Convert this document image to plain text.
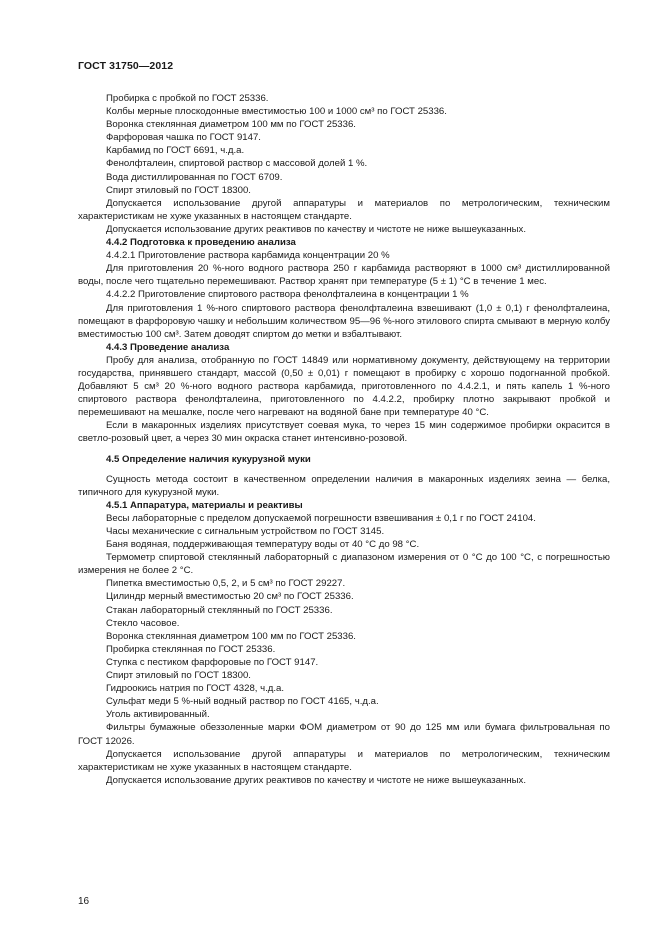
ГОСТ 31750—2012

Пробирка с пробкой по ГОСТ 25336.

Колбы мерные плоскодонные вместимостью 100 и 1000 см³ по ГОСТ 25336.

Воронка стеклянная диаметром 100 мм по ГОСТ 25336.

Фарфоровая чашка по ГОСТ 9147.

Карбамид по ГОСТ 6691, ч.д.а.

Фенолфталеин, спиртовой раствор с массовой долей 1 %.

Вода дистиллированная по ГОСТ 6709.

Спирт этиловый по ГОСТ 18300.

Допускается использование другой аппаратуры и материалов по метрологическим, техническим характеристикам не хуже указанных в настоящем стандарте.

Допускается использование других реактивов по качеству и чистоте не ниже вышеуказанных.

4.4.2 Подготовка к проведению анализа

4.4.2.1 Приготовление раствора карбамида концентрации 20 %

Для приготовления 20 %-ного водного раствора 250 г карбамида растворяют в 1000 см³ дистиллированной воды, после чего тщательно перемешивают. Раствор хранят при температуре (5 ± 1) °С в течение 1 мес.

4.4.2.2 Приготовление спиртового раствора фенолфталеина в концентрации 1 %

Для приготовления 1 %-ного спиртового раствора фенолфталеина взвешивают (1,0 ± 0,1) г фенолфталеина, помещают в фарфоровую чашку и небольшим количеством 95—96 %-ного этилового спирта смывают в мерную колбу вместимостью 100 см³. Затем доводят спиртом до метки и взбалтывают.

4.4.3 Проведение анализа

Пробу для анализа, отобранную по ГОСТ 14849 или нормативному документу, действующему на территории государства, принявшего стандарт, массой (0,50 ± 0,01) г помещают в пробирку с хорошо подогнанной пробкой. Добавляют 5 см³ 20 %-ного водного раствора карбамида, приготовленного по 4.4.2.1, и пять капель 1 %-ного спиртового раствора фенолфталеина, приготовленного по 4.4.2.2, пробирку плотно закрывают пробкой и перемешивают на мешалке, после чего нагревают на водяной бане при температуре 40 °С.

Если в макаронных изделиях присутствует соевая мука, то через 15 мин содержимое пробирки окрасится в светло-розовый цвет, а через 30 мин окраска станет интенсивно-розовой.

4.5 Определение наличия кукурузной муки

Сущность метода состоит в качественном определении наличия в макаронных изделиях зеина — белка, типичного для кукурузной муки.

4.5.1 Аппаратура, материалы и реактивы

Весы лабораторные с пределом допускаемой погрешности взвешивания ± 0,1 г по ГОСТ 24104.

Часы механические с сигнальным устройством по ГОСТ 3145.

Баня водяная, поддерживающая температуру воды от 40 °С до 98 °С.

Термометр спиртовой стеклянный лабораторный с диапазоном измерения от 0 °С до 100 °С, с погрешностью измерения не более 2 °С.

Пипетка вместимостью 0,5, 2, и 5 см³ по ГОСТ 29227.

Цилиндр мерный вместимостью 20 см³ по ГОСТ 25336.

Стакан лабораторный стеклянный по ГОСТ 25336.

Стекло часовое.

Воронка стеклянная диаметром 100 мм по ГОСТ 25336.

Пробирка стеклянная по ГОСТ 25336.

Ступка с пестиком фарфоровые по ГОСТ 9147.

Спирт этиловый по ГОСТ 18300.

Гидроокись натрия по ГОСТ 4328, ч.д.а.

Сульфат меди 5 %-ный водный раствор по ГОСТ 4165, ч.д.а.

Уголь активированный.

Фильтры бумажные обеззоленные марки ФОМ диаметром от 90 до 125 мм или бумага фильтровальная по ГОСТ 12026.

Допускается использование другой аппаратуры и материалов по метрологическим, техническим характеристикам не хуже указанных в настоящем стандарте.

Допускается использование других реактивов по качеству и чистоте не ниже вышеуказанных.

16
